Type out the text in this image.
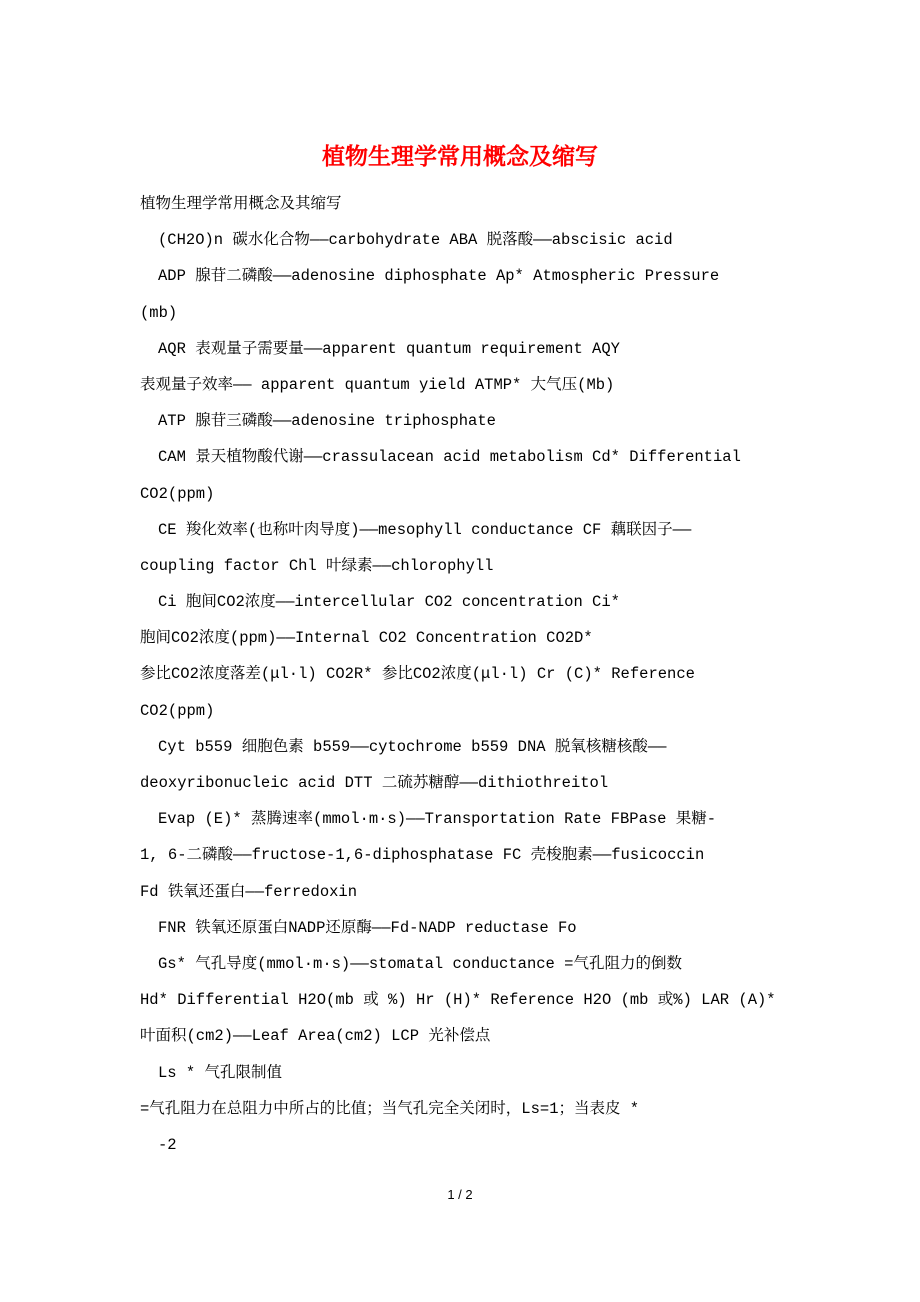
植物生理学常用概念及缩写
植物生理学常用概念及其缩写
(CH2O)n 碳水化合物——carbohydrate ABA 脱落酸——abscisic acid
ADP 腺苷二磷酸——adenosine diphosphate Ap* Atmospheric Pressure
(mb)
AQR 表观量子需要量——apparent quantum requirement AQY
表观量子效率—— apparent quantum yield ATMP* 大气压(Mb)
ATP 腺苷三磷酸——adenosine triphosphate
CAM 景天植物酸代谢——crassulacean acid metabolism Cd* Differential
CO2(ppm)
CE 羧化效率(也称叶肉导度)——mesophyll conductance CF 藕联因子——
coupling factor Chl 叶绿素——chlorophyll
Ci 胞间CO2浓度——intercellular CO2 concentration Ci*
胞间CO2浓度(ppm)——Internal CO2 Concentration CO2D*
参比CO2浓度落差(μl·l) CO2R* 参比CO2浓度(μl·l) Cr (C)* Reference
CO2(ppm)
Cyt b559 细胞色素 b559——cytochrome b559 DNA 脱氧核糖核酸——
deoxyribonucleic acid DTT 二硫苏糖醇——dithiothreitol
Evap (E)* 蒸腾速率(mmol·m·s)——Transportation Rate FBPase 果糖-
1, 6-二磷酸——fructose-1,6-diphosphatase FC 壳梭胞素——fusicoccin
Fd 铁氧还蛋白——ferredoxin
FNR 铁氧还原蛋白NADP还原酶——Fd-NADP reductase Fo
Gs* 气孔导度(mmol·m·s)——stomatal conductance =气孔阻力的倒数
Hd* Differential H2O(mb 或 %) Hr (H)* Reference H2O (mb 或%) LAR (A)*
叶面积(cm2)——Leaf Area(cm2) LCP 光补偿点
Ls * 气孔限制值
=气孔阻力在总阻力中所占的比值；当气孔完全关闭时，Ls=1；当表皮 *
-2
1 / 2
